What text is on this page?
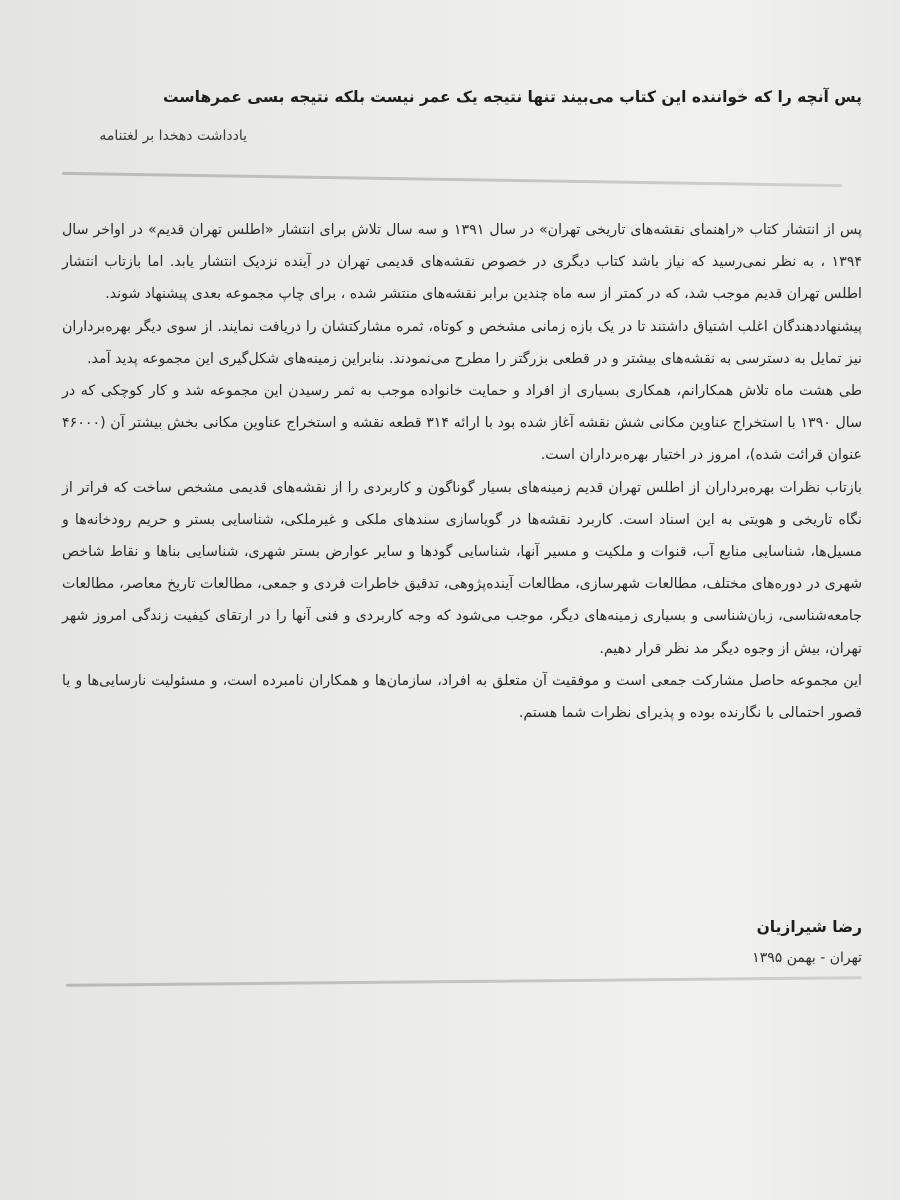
پس آنچه را که خواننده این کتاب می‌بیند تنها نتیجه یک عمر نیست بلکه نتیجه بسی عمرهاست
یادداشت دهخدا بر لغتنامه

پس از انتشار کتاب «راهنمای نقشه‌های تاریخی تهران» در سال ۱۳۹۱ و سه سال تلاش برای انتشار «اطلس تهران قدیم» در اواخر سال ۱۳۹۴ ، به نظر نمی‌رسید که نیاز باشد کتاب دیگری در خصوص نقشه‌های قدیمی تهران در آینده نزدیک انتشار یابد. اما بازتاب انتشار اطلس تهران قدیم موجب شد، که در کمتر از سه ماه چندین برابر نقشه‌های منتشر شده ، برای چاپ مجموعه بعدی پیشنهاد شوند.

پیشنهاددهندگان اغلب اشتیاق داشتند تا در یک بازه زمانی مشخص و کوتاه، ثمره مشارکتشان را دریافت نمایند. از سوی دیگر بهره‌برداران نیز تمایل به دسترسی به نقشه‌های بیشتر و در قطعی بزرگتر را مطرح می‌نمودند. بنابراین زمینه‌های شکل‌گیری این مجموعه پدید آمد.

طی هشت ماه تلاش همکارانم، همکاری بسیاری از افراد و حمایت خانواده موجب به ثمر رسیدن این مجموعه شد و کار کوچکی که در سال ۱۳۹۰ با استخراج عناوین مکانی شش نقشه آغاز شده بود با ارائه ۳۱۴ قطعه نقشه و استخراج عناوین مکانی بخش بیشتر آن (۴۶۰۰۰ عنوان قرائت شده)، امروز در اختیار بهره‌برداران است.

بازتاب نظرات بهره‌برداران از اطلس تهران قدیم زمینه‌های بسیار گوناگون و کاربردی را از نقشه‌های قدیمی مشخص ساخت که فراتر از نگاه تاریخی و هویتی به این اسناد است. کاربرد نقشه‌ها در گویاسازی سندهای ملکی و غیرملکی، شناسایی بستر و حریم رودخانه‌ها و مسیل‌ها، شناسایی منابع آب، قنوات و ملکیت و مسیر آنها، شناسایی گودها و سایر عوارض بستر شهری، شناسایی بناها و نقاط شاخص شهری در دوره‌های مختلف، مطالعات شهرسازی، مطالعات آینده‌پژوهی، تدقیق خاطرات فردی و جمعی، مطالعات تاریخ معاصر، مطالعات جامعه‌شناسی، زبان‌شناسی و بسیاری زمینه‌های دیگر، موجب می‌شود که وجه کاربردی و فنی آنها را در ارتقای کیفیت زندگی امروز شهر تهران، بیش از وجوه دیگر مد نظر قرار دهیم.

این مجموعه حاصل مشارکت جمعی است و موفقیت آن متعلق به افراد، سازمان‌ها و همکاران نامبرده است، و مسئولیت نارسایی‌ها و یا قصور احتمالی با نگارنده بوده و پذیرای نظرات شما هستم.

رضا شیرازیان
تهران - بهمن ۱۳۹۵
